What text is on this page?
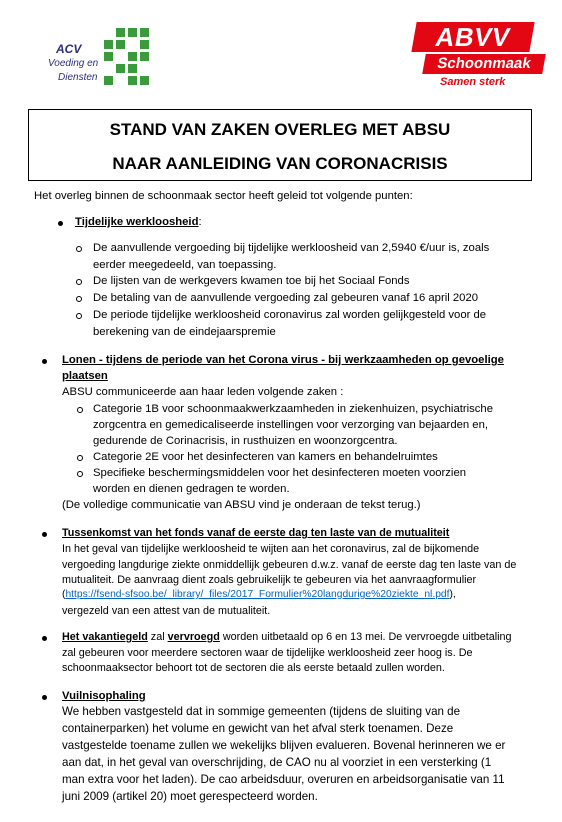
ACV
Voeding en
Diensten
ABVV
Schoonmaak
Samen sterk
STAND VAN ZAKEN OVERLEG MET ABSU
NAAR AANLEIDING VAN CORONACRISIS
Het overleg binnen de schoonmaak sector heeft geleid tot volgende punten:
Tijdelijke werkloosheid:
De aanvullende vergoeding bij tijdelijke werkloosheid van 2,5940 €/uur is, zoals
eerder meegedeeld, van toepassing.
De lijsten van de werkgevers kwamen toe bij het Sociaal Fonds
De betaling van de aanvullende vergoeding zal gebeuren vanaf 16 april 2020
De periode tijdelijke werkloosheid coronavirus zal worden gelijkgesteld voor de
berekening van de eindejaarspremie
Lonen - tijdens de periode van het Corona virus - bij werkzaamheden op gevoelige
plaatsen
ABSU communiceerde aan haar leden volgende zaken :
Categorie 1B voor schoonmaakwerkzaamheden in ziekenhuizen, psychiatrische
zorgcentra en gemedicaliseerde instellingen voor verzorging van bejaarden en,
gedurende de Corinacrisis, in rusthuizen en woonzorgcentra.
Categorie 2E voor het desinfecteren van kamers en behandelruimtes
Specifieke beschermingsmiddelen voor het desinfecteren moeten voorzien
worden en dienen gedragen te worden.
(De volledige communicatie van ABSU vind je onderaan de tekst terug.)
Tussenkomst van het fonds vanaf de eerste dag ten laste van de mutualiteit
In het geval van tijdelijke werkloosheid te wijten aan het coronavirus, zal de bijkomende
vergoeding langdurige ziekte onmiddellijk gebeuren d.w.z. vanaf de eerste dag ten laste van de
mutualiteit. De aanvraag dient zoals gebruikelijk te gebeuren via het aanvraagformulier
(https://fsend-sfsoo.be/_library/_files/2017_Formulier%20langdurige%20ziekte_nl.pdf),
vergezeld van een attest van de mutualiteit.
Het vakantiegeld zal vervroegd worden uitbetaald op 6 en 13 mei. De vervroegde uitbetaling
zal gebeuren voor meerdere sectoren waar de tijdelijke werkloosheid zeer hoog is. De
schoonmaaksector behoort tot de sectoren die als eerste betaald zullen worden.
Vuilnisophaling
We hebben vastgesteld dat in sommige gemeenten (tijdens de sluiting van de
containerparken) het volume en gewicht van het afval sterk toenamen. Deze
vastgestelde toename zullen we wekelijks blijven evalueren. Bovenal herinneren we er
aan dat, in het geval van overschrijding, de CAO nu al voorziet in een versterking (1
man extra voor het laden). De cao arbeidsduur, overuren en arbeidsorganisatie van 11
juni 2009 (artikel 20) moet gerespecteerd worden.
